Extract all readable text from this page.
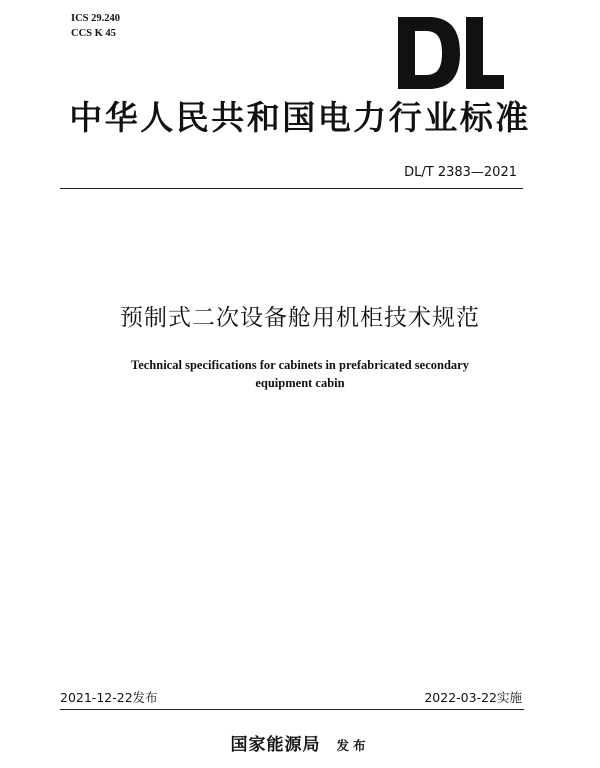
ICS 29.240
CCS K 45
中华人民共和国电力行业标准
DL/T 2383—2021
预制式二次设备舱用机柜技术规范
Technical specifications for cabinets in prefabricated secondary
equipment cabin
2021-12-22发布	2022-03-22实施
国家能源局 发布
